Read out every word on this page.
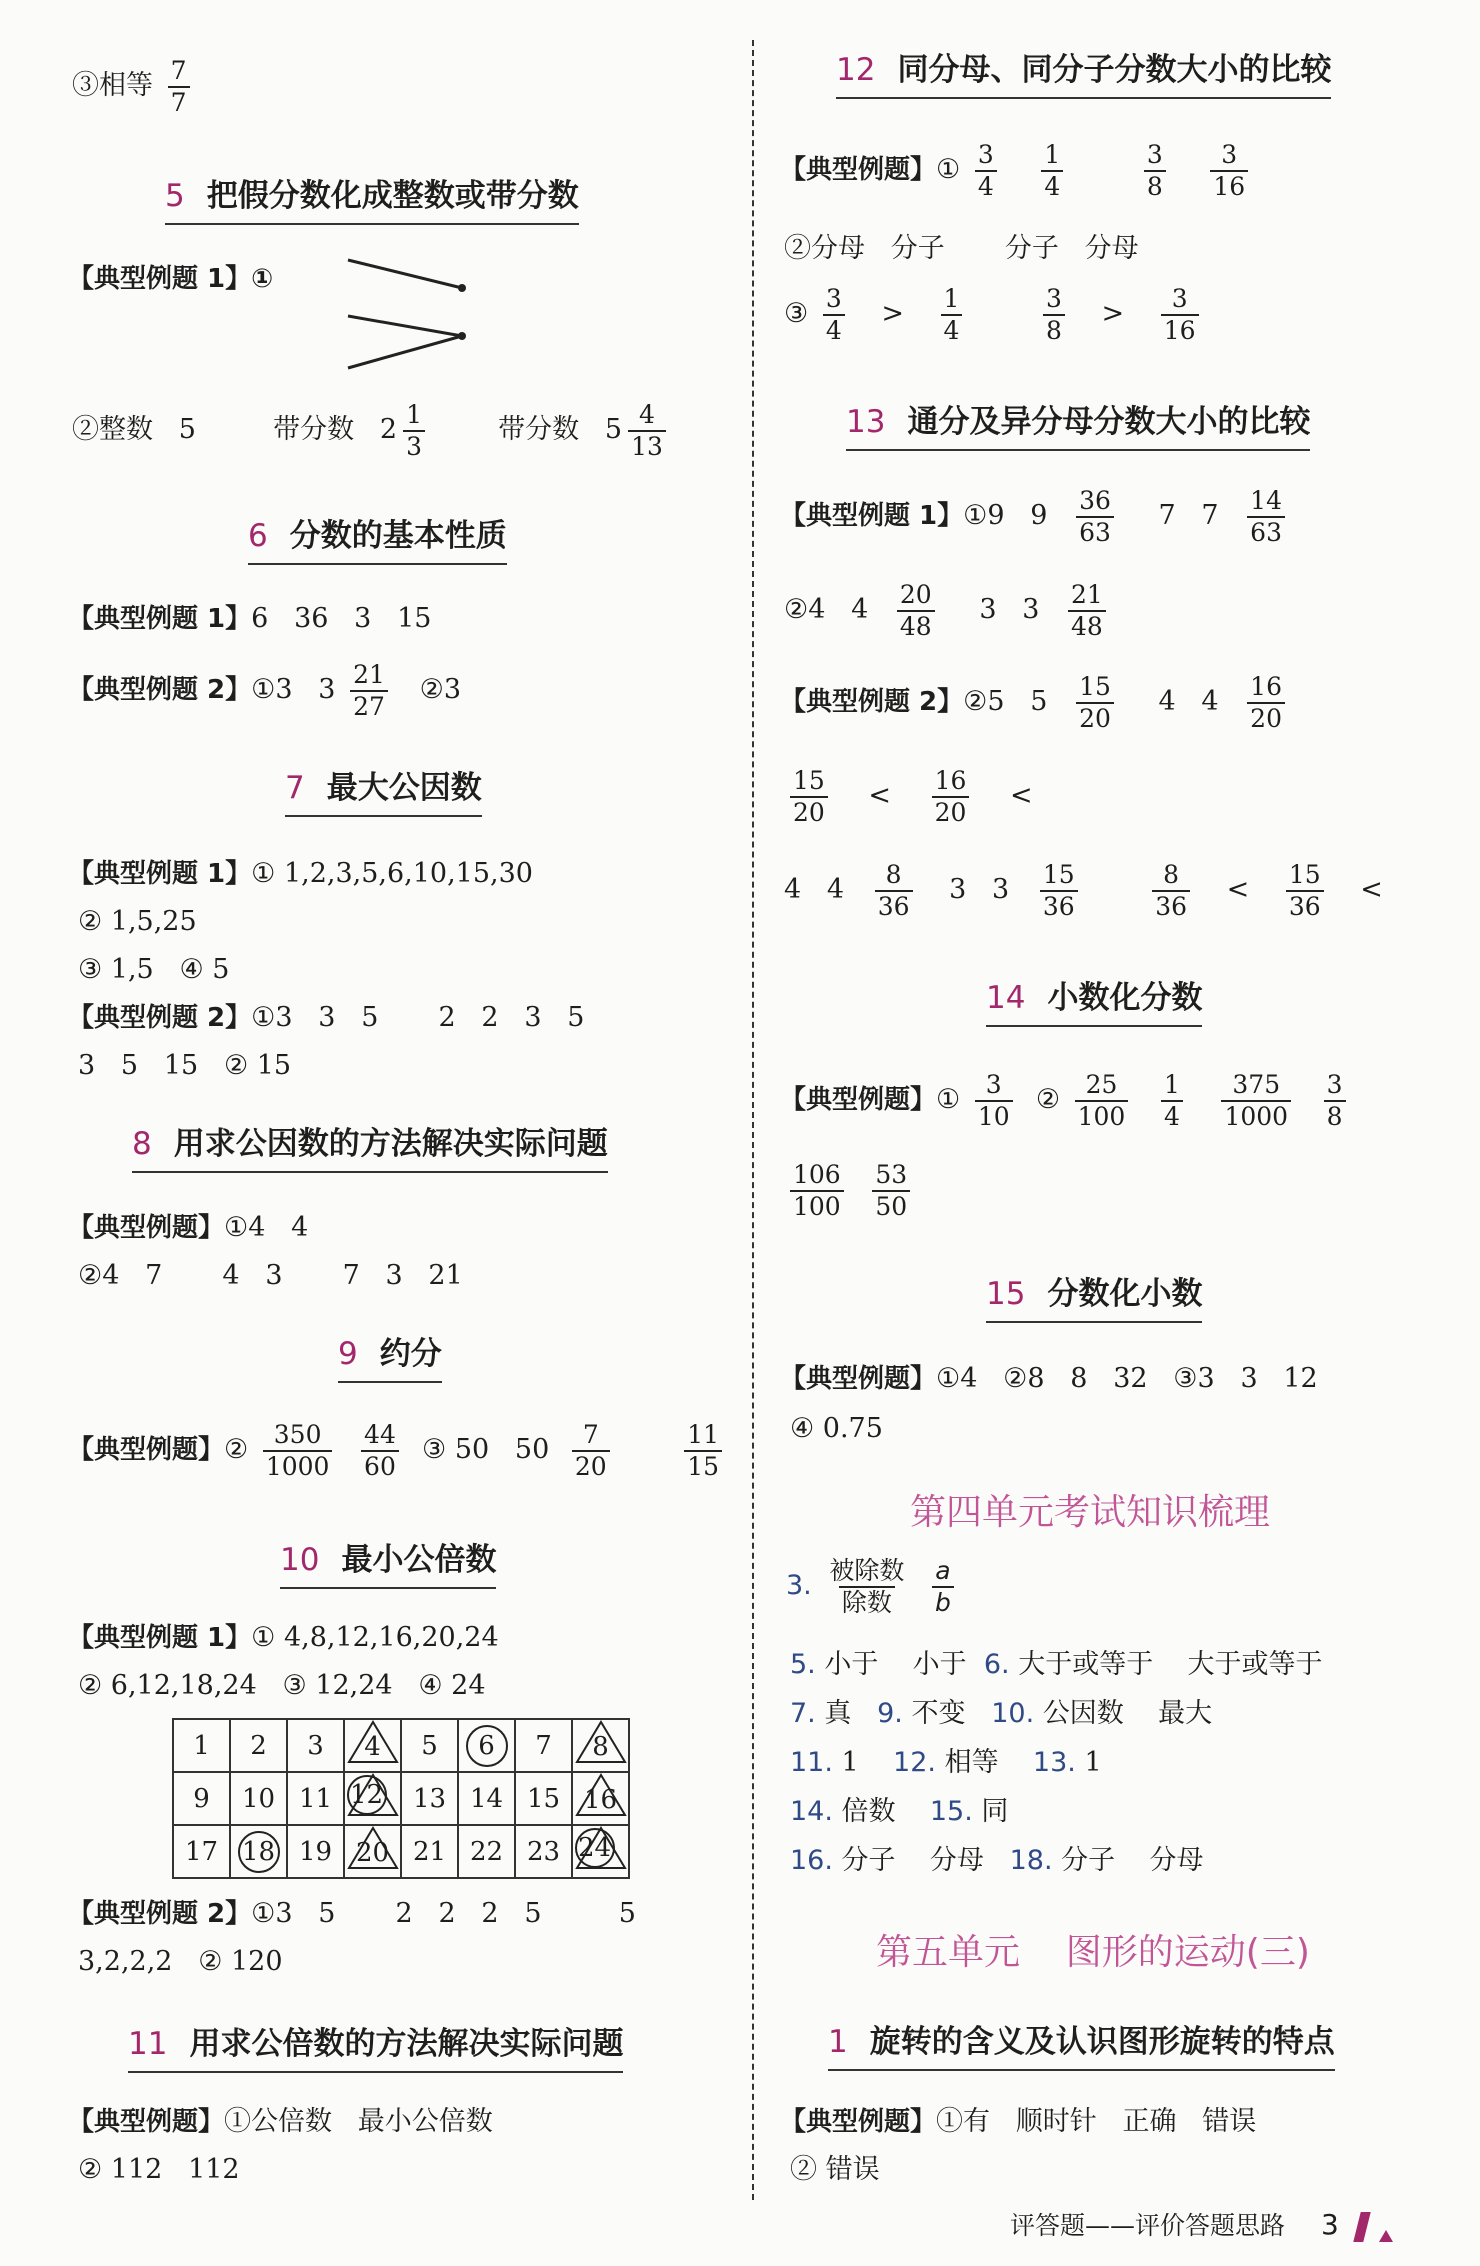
③相等 $\frac{7}{7}$
5 把假分数化成整数或带分数
【典型例题 1】①
②整数 5	带分数 $2 \frac{1}{3}$	带分数 $5 \frac{4}{13}$
6 分数的基本性质
【典型例题 1】6   36   3   15
【典型例题 2】①3   $3 \frac{21}{27}$ ②3
7 最大公因数
【典型例题 1】① 1,2,3,5,6,10,15,30
② 1,5,25
③ 1,5   ④ 5
【典型例题 2】①3   3   5       2   2   3   5
3   5   15   ② 15
8 用求公因数的方法解决实际问题
【典型例题】①4   4
②4   7       4   3       7   3   21
9 约分
【典型例题】② $\frac{350}{1000}$
$\frac{44}{60}$ ③ 50   $50 \frac{7}{20}$
	$\frac{11}{15}$
10 最小公倍数
【典型例题 1】① 4,8,12,16,20,24
② 6,12,18,24   ③ 12,24   ④ 24
1	2	3	4	5	6	7	8

9	10	11	12	13	14	15	16

17	18	19	20	21	22	23	24
【典型例题 2】①3   5       2   2   2   5         5
3,2,2,2   ② 120
11 用求公倍数的方法解决实际问题
【典型例题】①公倍数   最小公倍数
② 112   112
12 同分母、同分子分数大小的比较
【典型例题】① $\frac{3}{4}$
$\frac{1}{4}$
	$\frac{3}{8}$
$\frac{3}{16}$
②分母   分子       分子   分母
③ $\frac{3}{4} > \frac{1}{4}$
	$\frac{3}{8} > \frac{3}{16}$
13 通分及异分母分数大小的比较
【典型例题 1】①9   $9 \frac{36}{63} 7$   $7 \frac{14}{63}$
②4   $4 \frac{20}{48} 3$   $3 \frac{21}{48}$
【典型例题 2】②5   $5 \frac{15}{20} 4$   $4 \frac{16}{20}$
$\frac{15}{20} < \frac{16}{20}$ <
4   $4 \frac{8}{36} 3$   $3 \frac{15}{36}$
	$\frac{8}{36} < \frac{15}{36}$ <
14 小数化分数
【典型例题】① $\frac{3}{10}$ ② $\frac{25}{100}$
$\frac{1}{4}$
$\frac{375}{1000}$
$\frac{3}{8}$
$\frac{106}{100}$
$\frac{53}{50}$
15 分数化小数
【典型例题】①4   ②8   8   32   ③3   3   12
④ 0.75
第四单元考试知识梳理
3. $\frac{\text{被除数}}{\text{除数}}$
$\frac{a}{b}$
5. 小于    小于  6. 大于或等于    大于或等于
7. 真   9. 不变   10. 公因数    最大
11. 1    12. 相等    13. 1
14. 倍数    15. 同
16. 分子    分母   18. 分子    分母
第五单元    图形的运动(三)
1 旋转的含义及认识图形旋转的特点
【典型例题】①有   顺时针   正确   错误
② 错误
评答题——评价答题思路 3
